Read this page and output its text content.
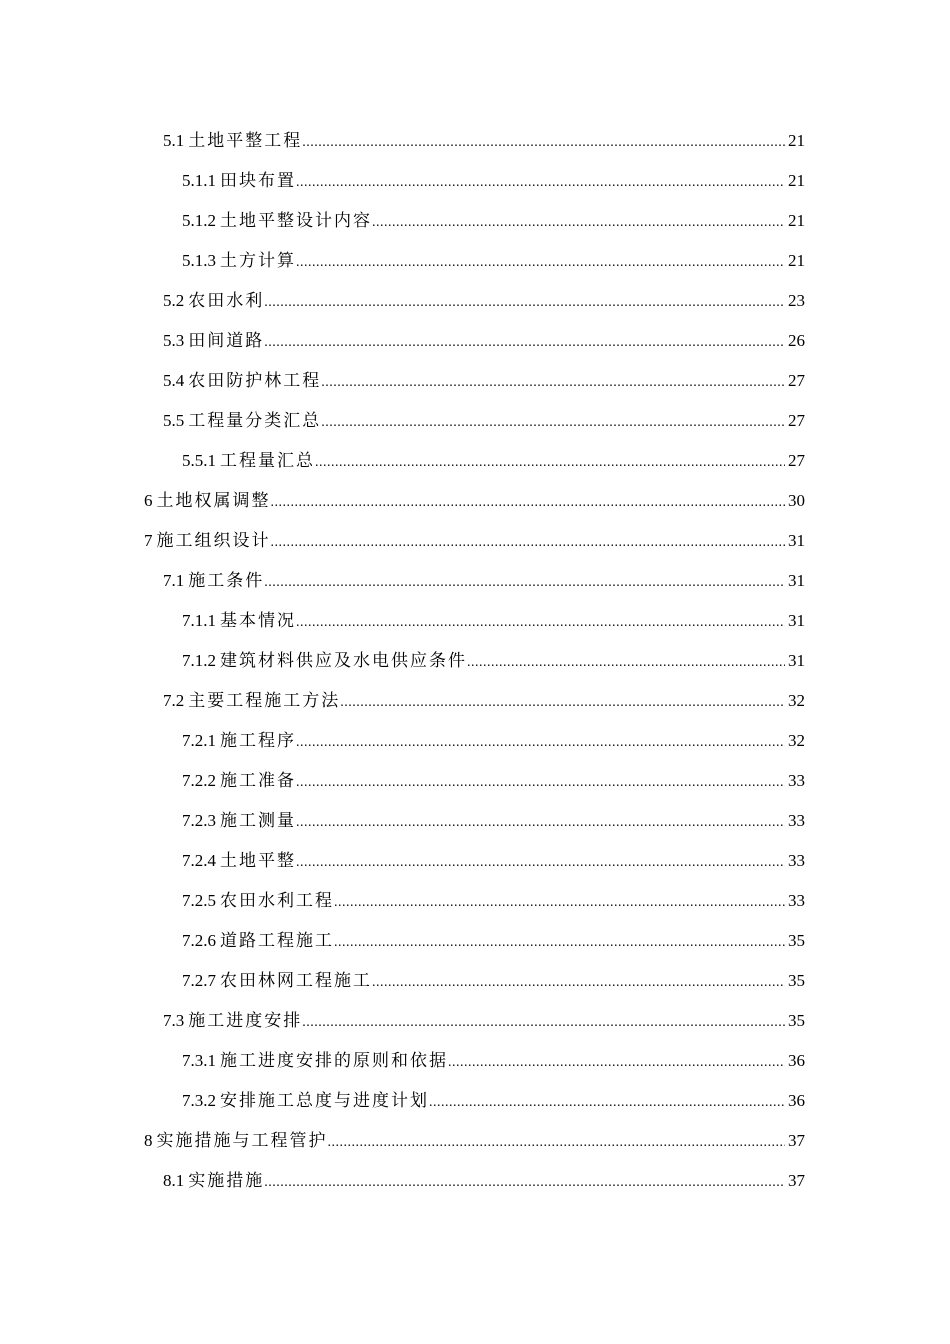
5.1 土地平整工程 .....	21
5.1.1 田块布置 .....	21
5.1.2 土地平整设计内容 .....	21
5.1.3 土方计算 .....	21
5.2 农田水利 .....	23
5.3 田间道路 .....	26
5.4 农田防护林工程 .....	27
5.5 工程量分类汇总 .....	27
5.5.1 工程量汇总 .....	27
6 土地权属调整 .....	30
7 施工组织设计 .....	31
7.1 施工条件 .....	31
7.1.1 基本情况 .....	31
7.1.2 建筑材料供应及水电供应条件 .....	31
7.2 主要工程施工方法 .....	32
7.2.1 施工程序 .....	32
7.2.2 施工准备 .....	33
7.2.3 施工测量 .....	33
7.2.4 土地平整 .....	33
7.2.5 农田水利工程 .....	33
7.2.6 道路工程施工 .....	35
7.2.7 农田林网工程施工 .....	35
7.3 施工进度安排 .....	35
7.3.1 施工进度安排的原则和依据 .....	36
7.3.2 安排施工总度与进度计划 .....	36
8 实施措施与工程管护 .....	37
8.1 实施措施 .....	37
